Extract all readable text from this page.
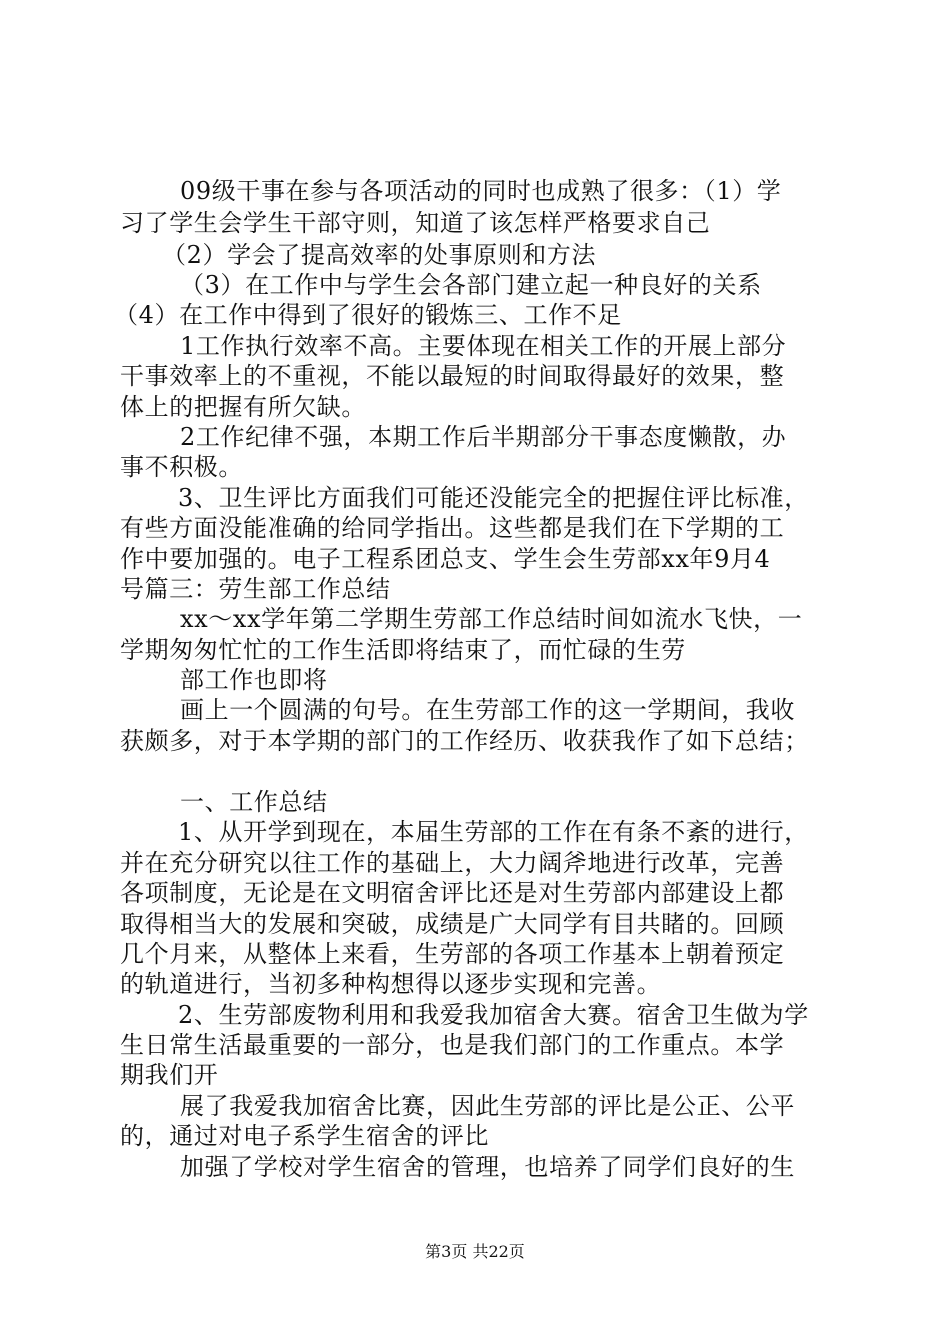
09级干事在参与各项活动的同时也成熟了很多：（1）学
习了学生会学生干部守则，知道了该怎样严格要求自己
（2）学会了提高效率的处事原则和方法
（3）在工作中与学生会各部门建立起一种良好的关系
（4）在工作中得到了很好的锻炼三、工作不足
1工作执行效率不高。主要体现在相关工作的开展上部分
干事效率上的不重视，不能以最短的时间取得最好的效果，整
体上的把握有所欠缺。
2工作纪律不强，本期工作后半期部分干事态度懒散，办
事不积极。
3、卫生评比方面我们可能还没能完全的把握住评比标准，
有些方面没能准确的给同学指出。这些都是我们在下学期的工
作中要加强的。电子工程系团总支、学生会生劳部xx年9月4
号篇三：劳生部工作总结
xx～xx学年第二学期生劳部工作总结时间如流水飞快，一
学期匆匆忙忙的工作生活即将结束了，而忙碌的生劳
部工作也即将
画上一个圆满的句号。在生劳部工作的这一学期间，我收
获颇多，对于本学期的部门的工作经历、收获我作了如下总结；
一、工作总结
1、从开学到现在，本届生劳部的工作在有条不紊的进行，
并在充分研究以往工作的基础上，大力阔斧地进行改革，完善
各项制度，无论是在文明宿舍评比还是对生劳部内部建设上都
取得相当大的发展和突破，成绩是广大同学有目共睹的。回顾
几个月来，从整体上来看，生劳部的各项工作基本上朝着预定
的轨道进行，当初多种构想得以逐步实现和完善。
2、生劳部废物利用和我爱我加宿舍大赛。宿舍卫生做为学
生日常生活最重要的一部分，也是我们部门的工作重点。本学
期我们开
展了我爱我加宿舍比赛，因此生劳部的评比是公正、公平
的，通过对电子系学生宿舍的评比
加强了学校对学生宿舍的管理，也培养了同学们良好的生
第3页 共22页
